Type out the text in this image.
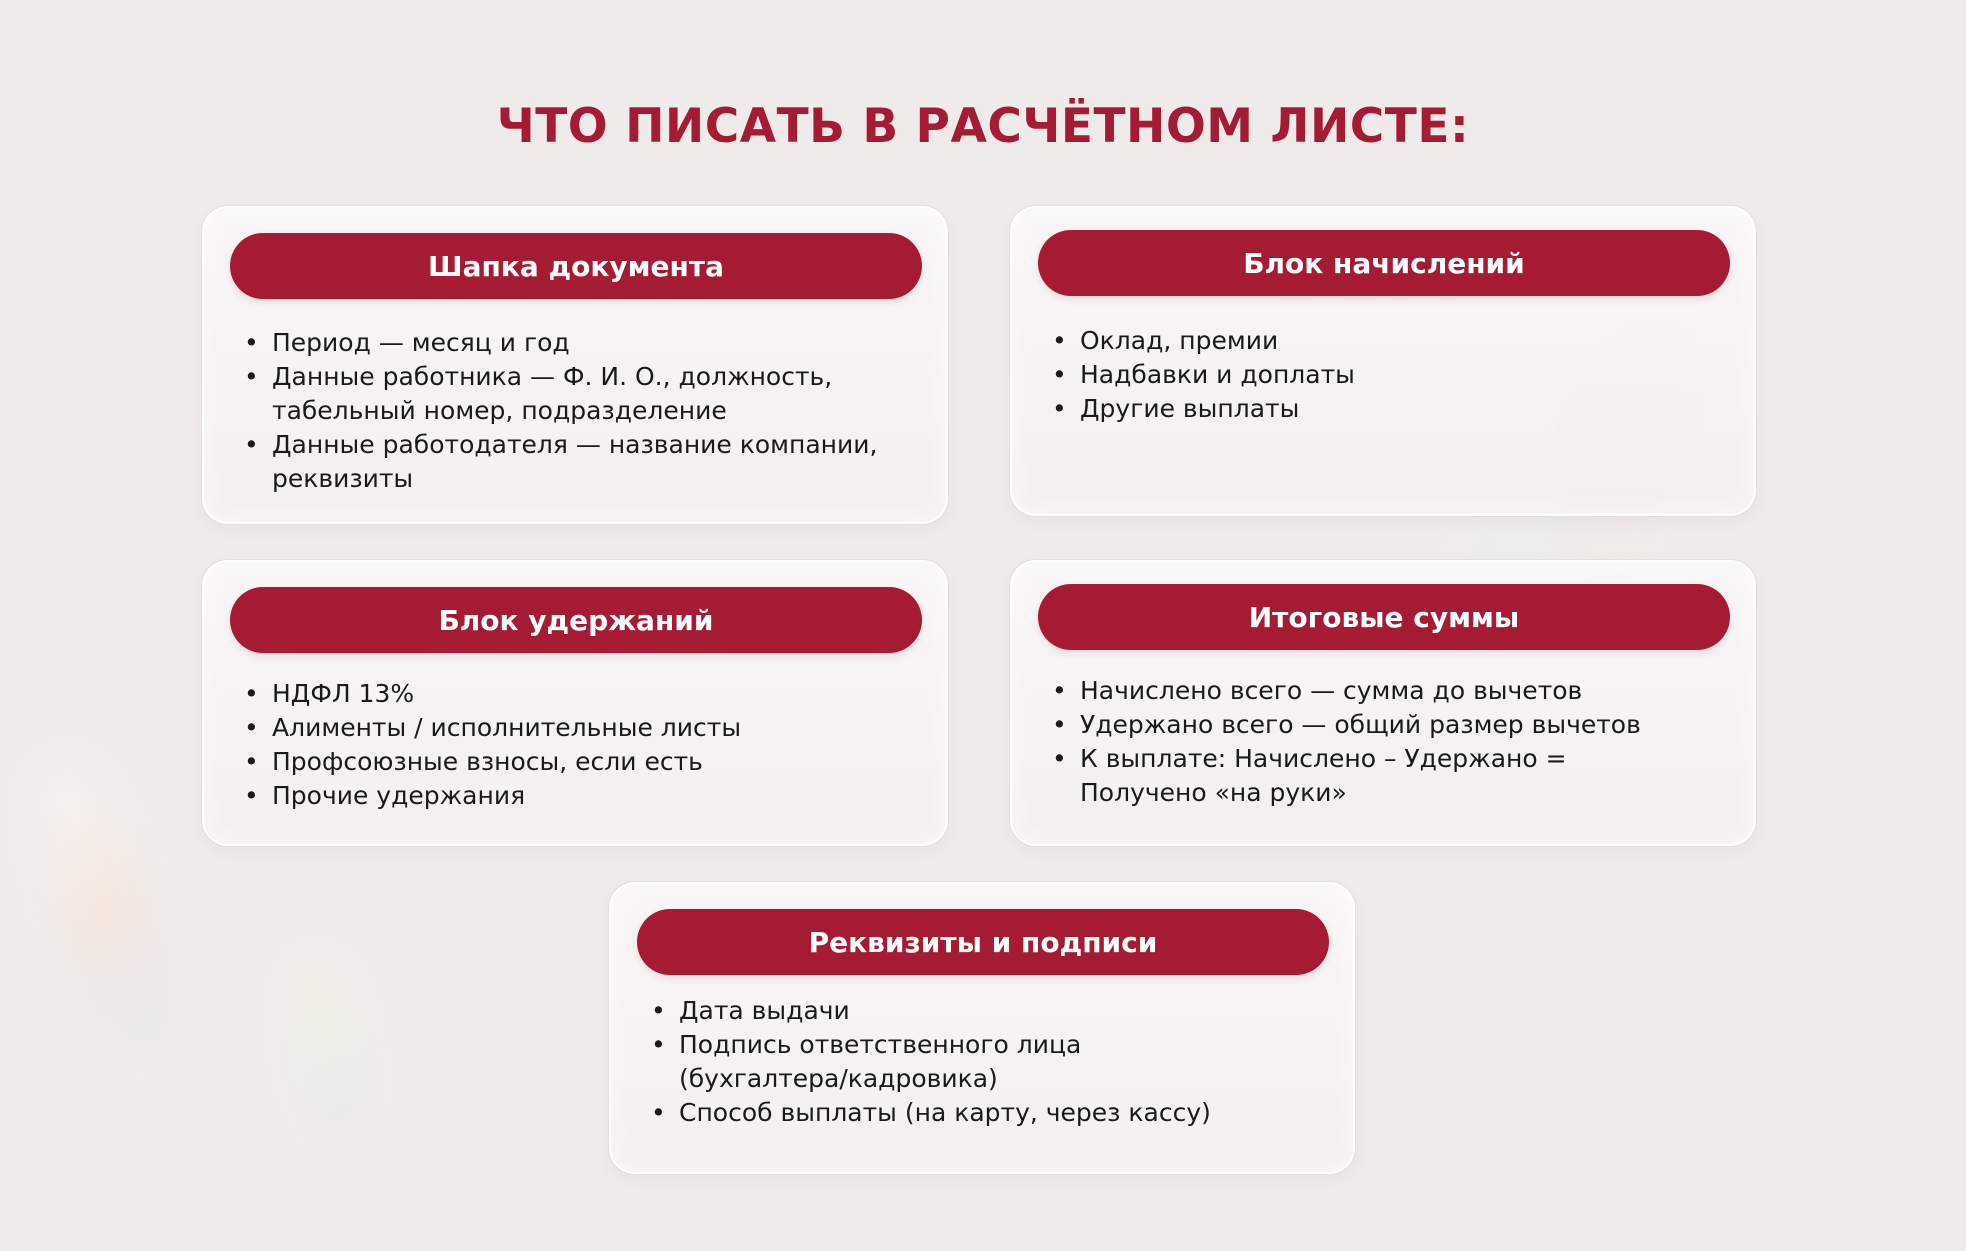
ЧТО ПИСАТЬ В РАСЧЁТНОМ ЛИСТЕ:
Шапка документа
• Период — месяц и год
• Данные работника — Ф. И. О., должность,
табельный номер, подразделение
• Данные работодателя — название компании,
реквизиты
Блок начислений
• Оклад, премии
• Надбавки и доплаты
• Другие выплаты
Блок удержаний
• НДФЛ 13%
• Алименты / исполнительные листы
• Профсоюзные взносы, если есть
• Прочие удержания
Итоговые суммы
• Начислено всего — сумма до вычетов
• Удержано всего — общий размер вычетов
• К выплате: Начислено – Удержано =
Получено «на руки»
Реквизиты и подписи
• Дата выдачи
• Подпись ответственного лица
(бухгалтера/кадровика)
• Способ выплаты (на карту, через кассу)
